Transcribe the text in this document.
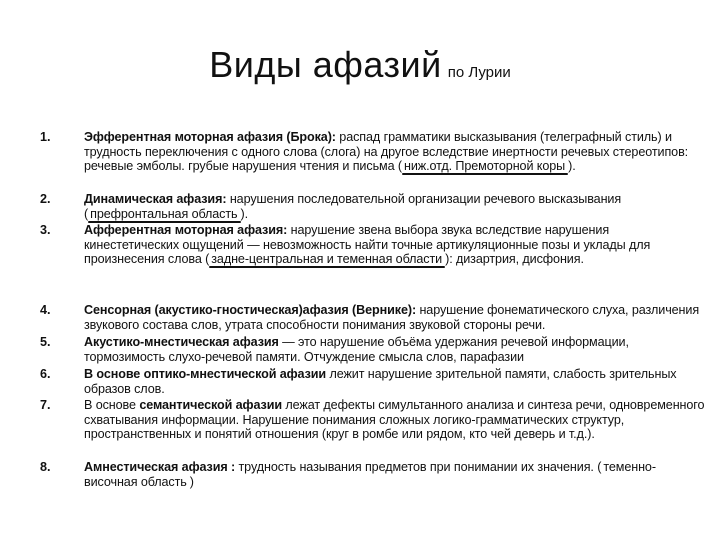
Виды афазий по Лурии
1.	Эфферентная моторная афазия (Брока): распад грамматики высказывания (телеграфный стиль) и трудность переключения с одного слова (слога) на другое вследствие инертности речевых стереотипов: речевые эмболы. грубые нарушения чтения и письма ( ниж.отд. Премоторной коры ).
2.	Динамическая афазия: нарушения последовательной организации речевого высказывания ( префронтальная область ).
3.	Афферентная моторная афазия: нарушение звена выбора звука вследствие нарушения кинестетических ощущений — невозможность найти точные артикуляционные позы и уклады для произнесения слова ( задне-центральная и теменная области ): дизартрия, дисфония.
4.	Сенсорная (акустико-гностическая)афазия (Вернике): нарушение фонематического слуха, различения звукового состава слов, утрата способности понимания звуковой стороны речи.
5.	Акустико-мнестическая афазия — это нарушение объёма удержания речевой информации, тормозимость слухо-речевой памяти. Отчуждение смысла слов, парафазии
6.	В основе оптико-мнестической афазии лежит нарушение зрительной памяти, слабость зрительных образов слов.
7.	В основе семантической афазии лежат дефекты симультанного анализа и синтеза речи, одновременного схватывания информации. Нарушение понимания сложных логико-грамматических структур, пространственных и понятий отношения (круг в ромбе или рядом, кто чей деверь и т.д.).
8.	Амнестическая афазия : трудность называния предметов при понимании их значения. ( теменно-височная область )
